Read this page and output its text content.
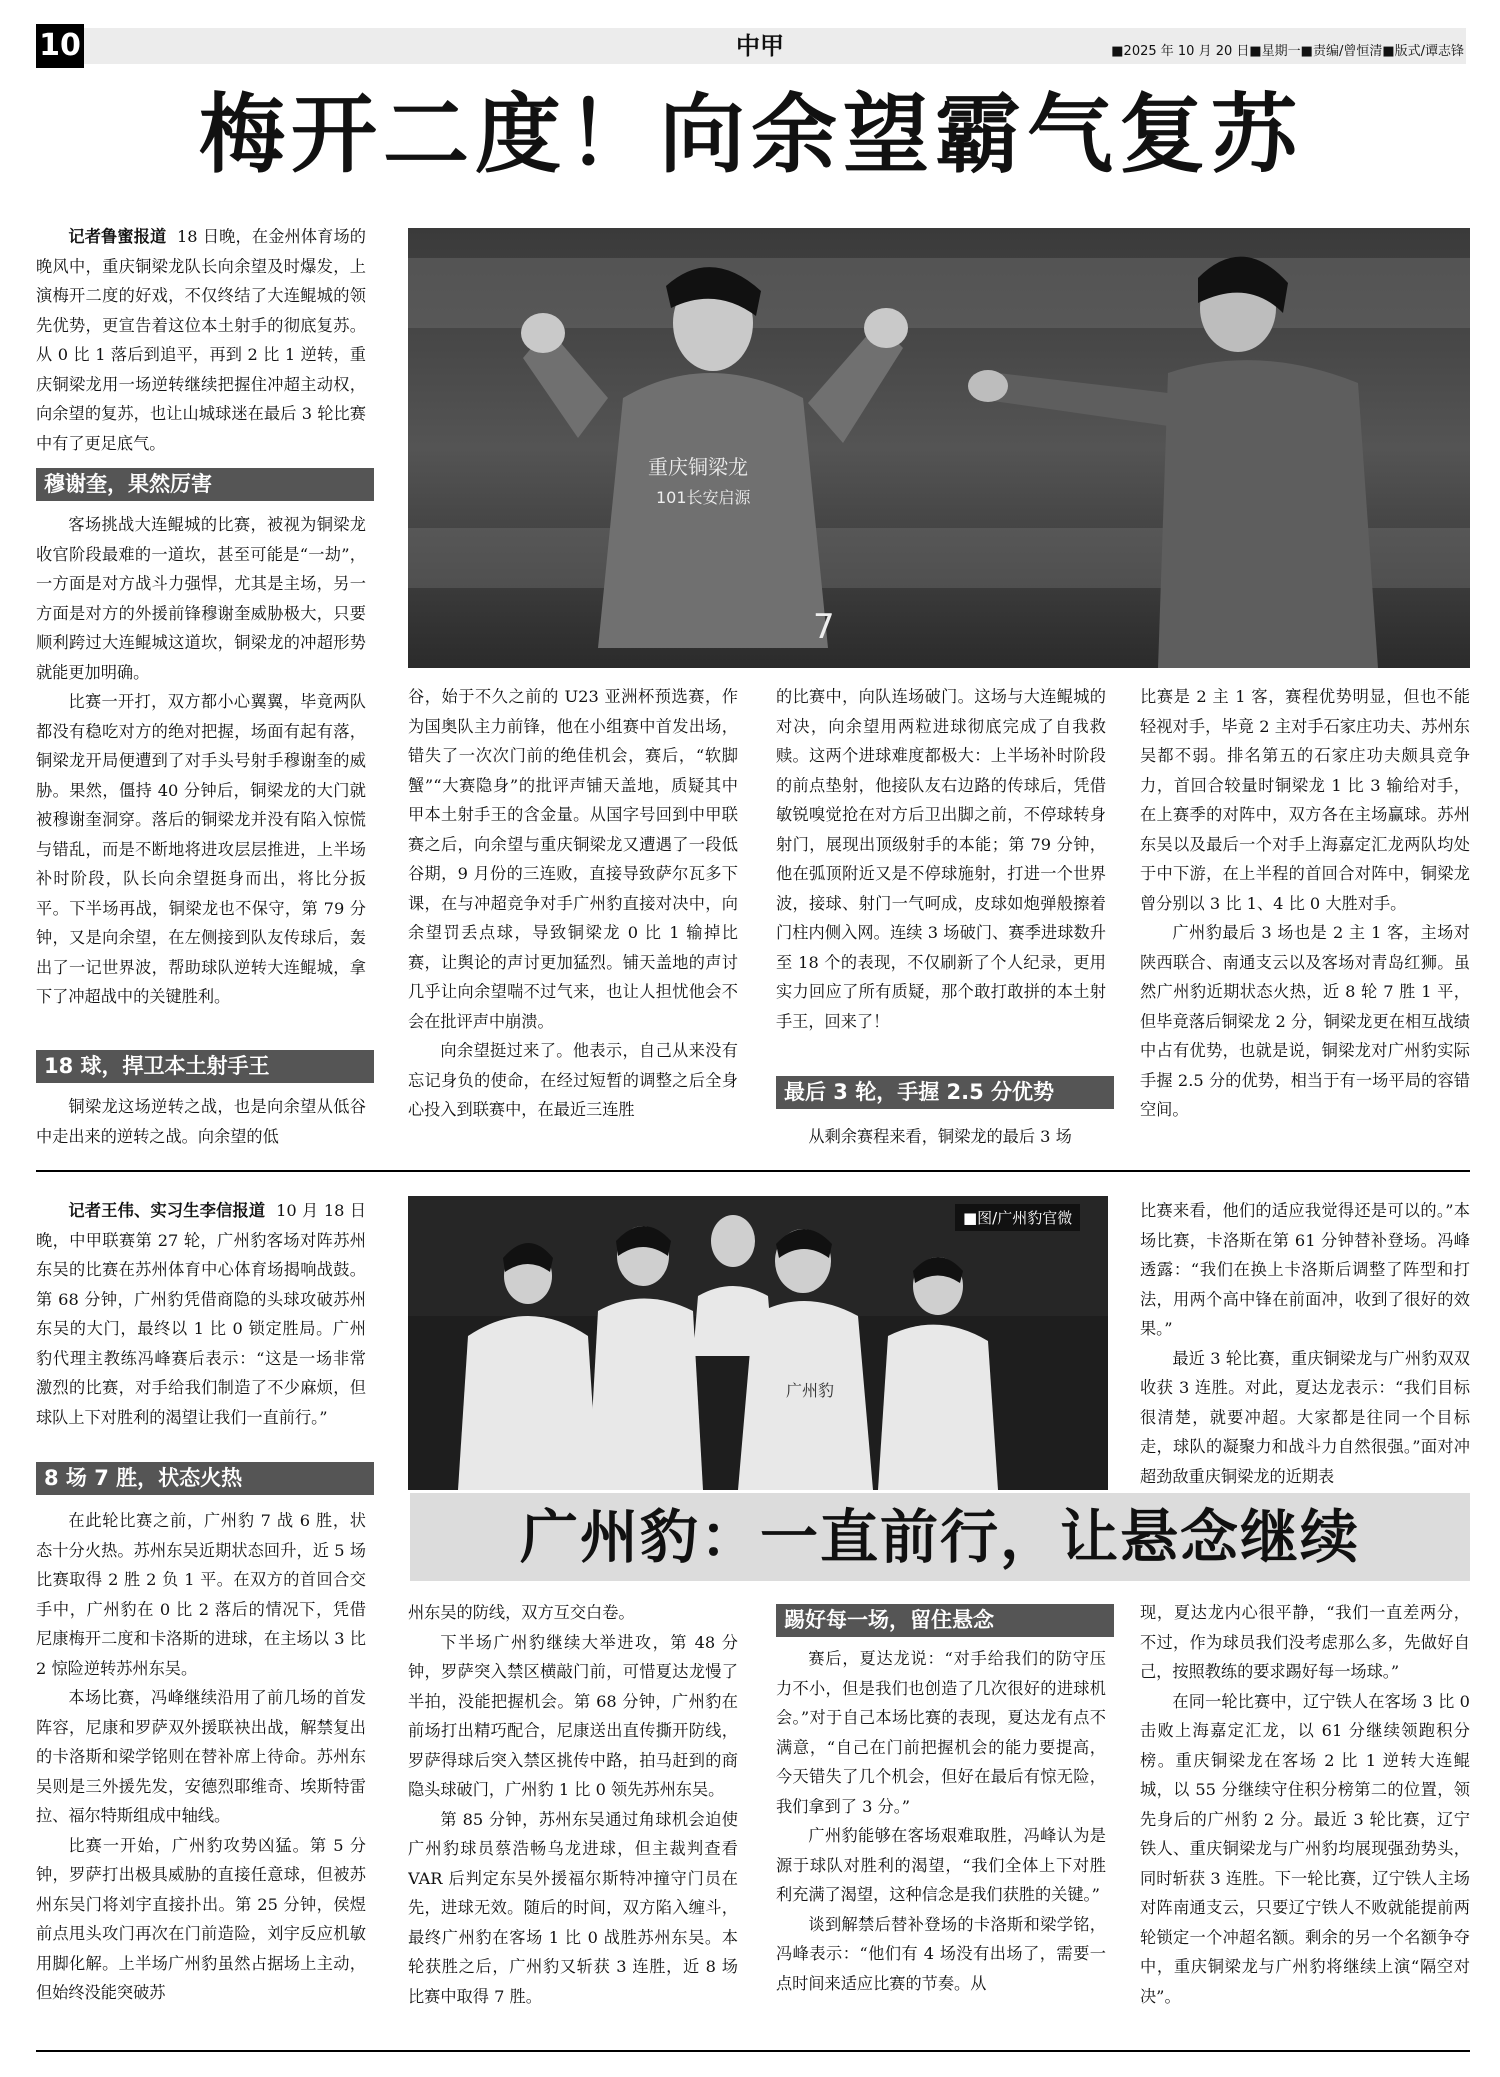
10	中甲	■2025 年 10 月 20 日■星期一■责编/曾恒清■版式/谭志锋
梅开二度！向余望霸气复苏
重庆铜梁龙
101长安启源
7

记者鲁蜜报道 18 日晚，在金州体育场的晚风中，重庆铜梁龙队长向余望及时爆发，上演梅开二度的好戏，不仅终结了大连鲲城的领先优势，更宣告着这位本土射手的彻底复苏。从 0 比 1 落后到追平，再到 2 比 1 逆转，重庆铜梁龙用一场逆转继续把握住冲超主动权，向余望的复苏，也让山城球迷在最后 3 轮比赛中有了更足底气。

穆谢奎，果然厉害

客场挑战大连鲲城的比赛，被视为铜梁龙收官阶段最难的一道坎，甚至可能是“一劫”，一方面是对方战斗力强悍，尤其是主场，另一方面是对方的外援前锋穆谢奎威胁极大，只要顺利跨过大连鲲城这道坎，铜梁龙的冲超形势就能更加明确。

比赛一开打，双方都小心翼翼，毕竟两队都没有稳吃对方的绝对把握，场面有起有落，铜梁龙开局便遭到了对手头号射手穆谢奎的威胁。果然，僵持 40 分钟后，铜梁龙的大门就被穆谢奎洞穿。落后的铜梁龙并没有陷入惊慌与错乱，而是不断地将进攻层层推进，上半场补时阶段，队长向余望挺身而出，将比分扳平。下半场再战，铜梁龙也不保守，第 79 分钟，又是向余望，在左侧接到队友传球后，轰出了一记世界波，帮助球队逆转大连鲲城，拿下了冲超战中的关键胜利。

18 球，捍卫本土射手王

铜梁龙这场逆转之战，也是向余望从低谷中走出来的逆转之战。向余望的低

谷，始于不久之前的 U23 亚洲杯预选赛，作为国奥队主力前锋，他在小组赛中首发出场，错失了一次次门前的绝佳机会，赛后，“软脚蟹”“大赛隐身”的批评声铺天盖地，质疑其中甲本土射手王的含金量。从国字号回到中甲联赛之后，向余望与重庆铜梁龙又遭遇了一段低谷期，9 月份的三连败，直接导致萨尔瓦多下课，在与冲超竞争对手广州豹直接对决中，向余望罚丢点球，导致铜梁龙 0 比 1 输掉比赛，让舆论的声讨更加猛烈。铺天盖地的声讨几乎让向余望喘不过气来，也让人担忧他会不会在批评声中崩溃。

向余望挺过来了。他表示，自己从来没有忘记身负的使命，在经过短暂的调整之后全身心投入到联赛中，在最近三连胜

的比赛中，向队连场破门。这场与大连鲲城的对决，向余望用两粒进球彻底完成了自我救赎。这两个进球难度都极大：上半场补时阶段的前点垫射，他接队友右边路的传球后，凭借敏锐嗅觉抢在对方后卫出脚之前，不停球转身射门，展现出顶级射手的本能；第 79 分钟，他在弧顶附近又是不停球施射，打进一个世界波，接球、射门一气呵成，皮球如炮弹般擦着门柱内侧入网。连续 3 场破门、赛季进球数升至 18 个的表现，不仅刷新了个人纪录，更用实力回应了所有质疑，那个敢打敢拼的本土射手王，回来了！

最后 3 轮，手握 2.5 分优势

从剩余赛程来看，铜梁龙的最后 3 场

比赛是 2 主 1 客，赛程优势明显，但也不能轻视对手，毕竟 2 主对手石家庄功夫、苏州东吴都不弱。排名第五的石家庄功夫颇具竞争力，首回合较量时铜梁龙 1 比 3 输给对手，在上赛季的对阵中，双方各在主场赢球。苏州东吴以及最后一个对手上海嘉定汇龙两队均处于中下游，在上半程的首回合对阵中，铜梁龙曾分别以 3 比 1、4 比 0 大胜对手。

广州豹最后 3 场也是 2 主 1 客，主场对陕西联合、南通支云以及客场对青岛红狮。虽然广州豹近期状态火热，近 8 轮 7 胜 1 平，但毕竟落后铜梁龙 2 分，铜梁龙更在相互战绩中占有优势，也就是说，铜梁龙对广州豹实际手握 2.5 分的优势，相当于有一场平局的容错空间。

广州豹
■图/广州豹官微
广州豹：一直前行，让悬念继续

记者王伟、实习生李信报道 10 月 18 日晚，中甲联赛第 27 轮，广州豹客场对阵苏州东吴的比赛在苏州体育中心体育场揭响战鼓。第 68 分钟，广州豹凭借商隐的头球攻破苏州东吴的大门，最终以 1 比 0 锁定胜局。广州豹代理主教练冯峰赛后表示：“这是一场非常激烈的比赛，对手给我们制造了不少麻烦，但球队上下对胜利的渴望让我们一直前行。”

8 场 7 胜，状态火热

在此轮比赛之前，广州豹 7 战 6 胜，状态十分火热。苏州东吴近期状态回升，近 5 场比赛取得 2 胜 2 负 1 平。在双方的首回合交手中，广州豹在 0 比 2 落后的情况下，凭借尼康梅开二度和卡洛斯的进球，在主场以 3 比 2 惊险逆转苏州东吴。

本场比赛，冯峰继续沿用了前几场的首发阵容，尼康和罗萨双外援联袂出战，解禁复出的卡洛斯和梁学铭则在替补席上待命。苏州东吴则是三外援先发，安德烈耶维奇、埃斯特雷拉、福尔特斯组成中轴线。

比赛一开始，广州豹攻势凶猛。第 5 分钟，罗萨打出极具威胁的直接任意球，但被苏州东吴门将刘宇直接扑出。第 25 分钟，侯煜前点甩头攻门再次在门前造险，刘宇反应机敏用脚化解。上半场广州豹虽然占据场上主动，但始终没能突破苏

州东吴的防线，双方互交白卷。

下半场广州豹继续大举进攻，第 48 分钟，罗萨突入禁区横敲门前，可惜夏达龙慢了半拍，没能把握机会。第 68 分钟，广州豹在前场打出精巧配合，尼康送出直传撕开防线，罗萨得球后突入禁区挑传中路，拍马赶到的商隐头球破门，广州豹 1 比 0 领先苏州东吴。

第 85 分钟，苏州东吴通过角球机会迫使广州豹球员蔡浩畅乌龙进球，但主裁判查看 VAR 后判定东吴外援福尔斯特冲撞守门员在先，进球无效。随后的时间，双方陷入缠斗，最终广州豹在客场 1 比 0 战胜苏州东吴。本轮获胜之后，广州豹又斩获 3 连胜，近 8 场比赛中取得 7 胜。

踢好每一场，留住悬念

赛后，夏达龙说：“对手给我们的防守压力不小，但是我们也创造了几次很好的进球机会。”对于自己本场比赛的表现，夏达龙有点不满意，“自己在门前把握机会的能力要提高，今天错失了几个机会，但好在最后有惊无险，我们拿到了 3 分。”

广州豹能够在客场艰难取胜，冯峰认为是源于球队对胜利的渴望，“我们全体上下对胜利充满了渴望，这种信念是我们获胜的关键。”

谈到解禁后替补登场的卡洛斯和梁学铭，冯峰表示：“他们有 4 场没有出场了，需要一点时间来适应比赛的节奏。从

比赛来看，他们的适应我觉得还是可以的。”本场比赛，卡洛斯在第 61 分钟替补登场。冯峰透露：“我们在换上卡洛斯后调整了阵型和打法，用两个高中锋在前面冲，收到了很好的效果。”

最近 3 轮比赛，重庆铜梁龙与广州豹双双收获 3 连胜。对此，夏达龙表示：“我们目标很清楚，就要冲超。大家都是往同一个目标走，球队的凝聚力和战斗力自然很强。”面对冲超劲敌重庆铜梁龙的近期表

现，夏达龙内心很平静，“我们一直差两分，不过，作为球员我们没考虑那么多，先做好自己，按照教练的要求踢好每一场球。”

在同一轮比赛中，辽宁铁人在客场 3 比 0 击败上海嘉定汇龙，以 61 分继续领跑积分榜。重庆铜梁龙在客场 2 比 1 逆转大连鲲城，以 55 分继续守住积分榜第二的位置，领先身后的广州豹 2 分。最近 3 轮比赛，辽宁铁人、重庆铜梁龙与广州豹均展现强劲势头，同时斩获 3 连胜。下一轮比赛，辽宁铁人主场对阵南通支云，只要辽宁铁人不败就能提前两轮锁定一个冲超名额。剩余的另一个名额争夺中，重庆铜梁龙与广州豹将继续上演“隔空对决”。
